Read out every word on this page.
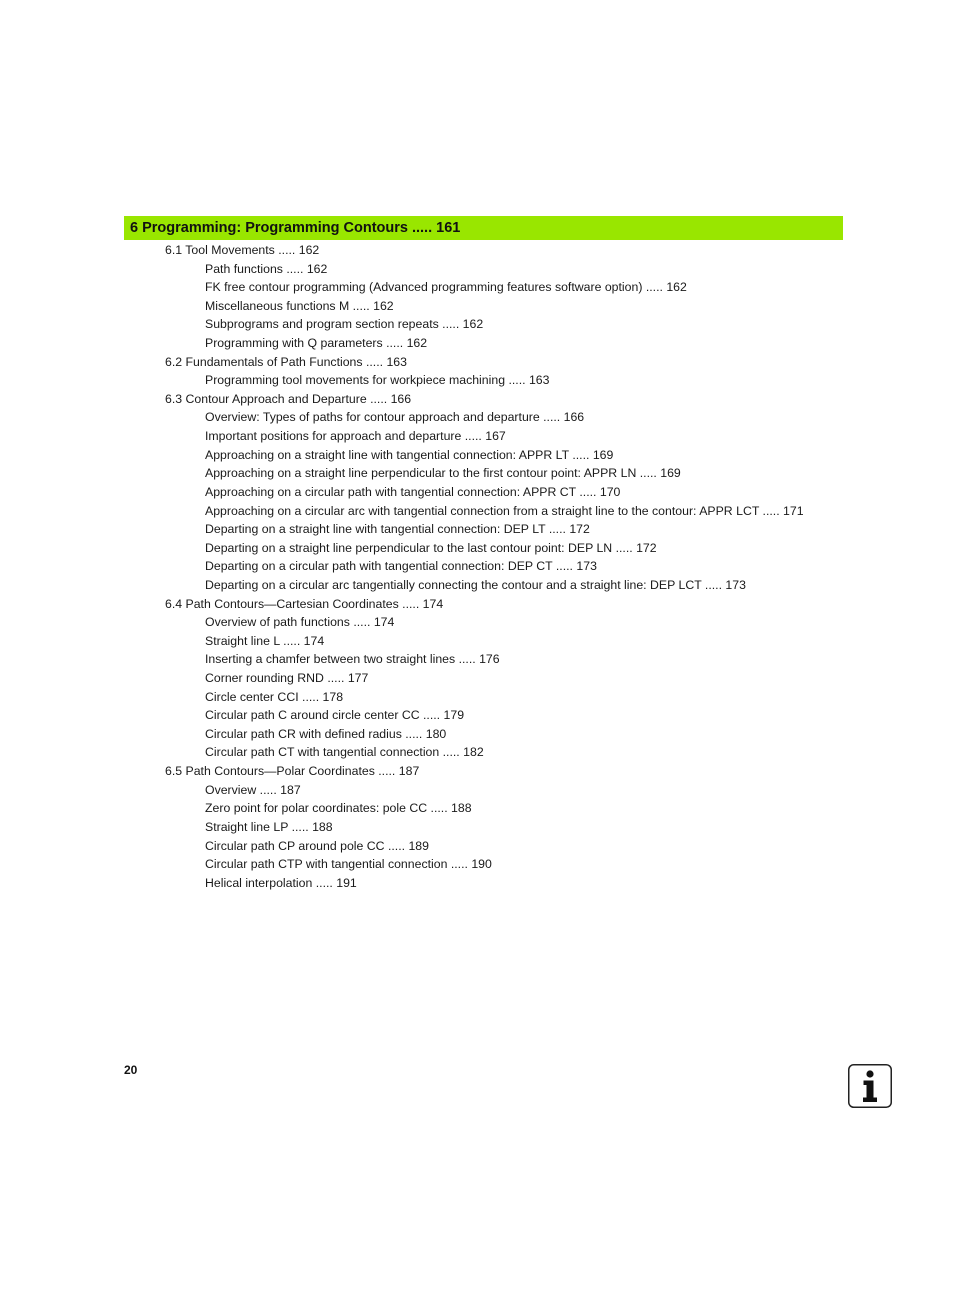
6 Programming: Programming Contours ..... 161
6.1 Tool Movements ..... 162
Path functions ..... 162
FK free contour programming (Advanced programming features software option) ..... 162
Miscellaneous functions M ..... 162
Subprograms and program section repeats ..... 162
Programming with Q parameters ..... 162
6.2 Fundamentals of Path Functions ..... 163
Programming tool movements for workpiece machining ..... 163
6.3 Contour Approach and Departure ..... 166
Overview: Types of paths for contour approach and departure ..... 166
Important positions for approach and departure ..... 167
Approaching on a straight line with tangential connection: APPR LT ..... 169
Approaching on a straight line perpendicular to the first contour point: APPR LN ..... 169
Approaching on a circular path with tangential connection: APPR CT ..... 170
Approaching on a circular arc with tangential connection from a straight line to the contour: APPR LCT ..... 171
Departing on a straight line with tangential connection: DEP LT ..... 172
Departing on a straight line perpendicular to the last contour point: DEP LN ..... 172
Departing on a circular path with tangential connection: DEP CT ..... 173
Departing on a circular arc tangentially connecting the contour and a straight line: DEP LCT ..... 173
6.4 Path Contours—Cartesian Coordinates ..... 174
Overview of path functions ..... 174
Straight line L ..... 174
Inserting a chamfer between two straight lines ..... 176
Corner rounding RND ..... 177
Circle center CCI ..... 178
Circular path C around circle center CC ..... 179
Circular path CR with defined radius ..... 180
Circular path CT with tangential connection ..... 182
6.5 Path Contours—Polar Coordinates ..... 187
Overview ..... 187
Zero point for polar coordinates: pole CC ..... 188
Straight line LP ..... 188
Circular path CP around pole CC ..... 189
Circular path CTP with tangential connection ..... 190
Helical interpolation ..... 191
20
